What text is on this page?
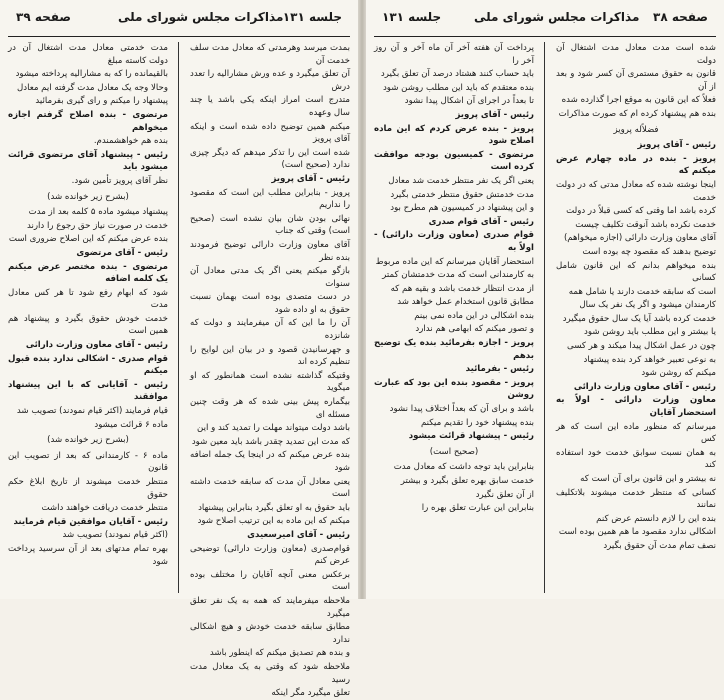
صفحه ۳۹	مذاکرات مجلس شورای ملی جلسه ۱۳۱

بمدت میرسد وهرمدتی که معادل مدت سلف خدمت آن

آن تعلق میگیرد و عده ورش مشارالیه را تعدد درش

متدرج است امراز اینکه یکی باشد یا چند سال وعهده

میکنم همین توضیح داده شده است و اینکه آقای پرویز

شده است این را تذکر میدهم که دیگر چیزی ندارد (صحیح است)

رئیس - آقای پرویز

پرویز - بنابراین مطلب این است که مقصود را نداریم

نهائی بودن شان بیان نشده است (صحیح است) وقتی که جناب

آقای معاون وزارت دارائی توضیح فرمودند بنده نظر

بازگو میکنم یعنی اگر یک مدتی معادل آن سنوات

در دست متصدی بوده است بهمان نسبت حقوق به او داده شود

آن را ما این که آن میفرمایند و دولت که شانزده

و جهرسانیدن قصود و در بیان این لوایح را تنظیم کرده اند

وقتیکه گذاشته نشده است همانطور که او میگوید

بیگماره پیش بینی شده که هر وقت چنین مسئله ای

باشد دولت میتواند مهلت را تمدید کند و این

که مدت این تمدید چقدر باشد باید معین شود

بنده عرض میکنم که در اینجا یک جمله اضافه شود

یعنی معادل آن مدت که سابقه خدمت داشته است

باید حقوق به او تعلق بگیرد بنابراین پیشنهاد

میکنم که این ماده به این ترتیب اصلاح شود

رئیس - آقای امیرسعیدی

قوام‌صدری (معاون وزارت دارائی) توضیحی عرض کنم

برعکس معنی آنچه آقایان را مختلف بوده است

ملاحظه میفرمایند که همه به یک نفر تعلق میگیرد

مطابق سابقه خدمت خودش و هیچ اشکالی ندارد

و بنده هم تصدیق میکنم که اینطور باشد

ملاحظه شود که وقتی به یک معادل مدت رسید

تعلق میگیرد مگر اینکه

مدت خدمتی معادل مدت اشتغال آن در دولت کاسته مبلغ

بالقیمانده را که به مشارالیه پرداخته میشود

وحالا وجه یک معادل مدت گرفته ایم معادل

پیشنهاد را میکنم و رای گیری بفرمائید

مرتضوی - بنده اصلاح گرفتم اجازه میخواهم

بنده هم خواهشمندم.

رئیس - پیشنهاد آقای مرتضوی قرائت میشود باید

نظر آقای پرویز تأمین شود.

(بشرح زیر خوانده شد)

پیشنهاد میشود ماده ۵ کلمه بعد از مدت

خدمت در صورت نیاز حق رجوع را دارند

بنده عرض میکنم که این اصلاح ضروری است

رئیس - آقای مرتضوی

مرتضوی - بنده مختصر عرض میکنم یک کلمه اضافه

شود که ابهام رفع شود تا هر کس معادل مدت

خدمت خودش حقوق بگیرد و پیشنهاد هم همین است

رئیس - آقای معاون وزارت دارائی

قوام صدری - اشکالی ندارد بنده قبول میکنم

رئیس - آقایانی که با این پیشنهاد موافقند

قیام فرمایند (اکثر قیام نمودند) تصویب شد

ماده ۶ قرائت میشود

(بشرح زیر خوانده شد)

ماده ۶ - کارمندانی که بعد از تصویب این قانون

منتظر خدمت میشوند از تاریخ ابلاغ حکم حقوق

منتظر خدمت دریافت خواهند داشت

رئیس - آقایان موافقین قیام فرمایند

(اکثر قیام نمودند) تصویب شد

بهره تمام مدتهای بعد از آن سرسید پرداخت شود

جلسه ۱۳۱	مذاکرات مجلس شورای ملی صفحه ۳۸

شده است مدت معادل مدت اشتغال آن دولت

قانون به حقوق مستمری آن کسر شود و بعد از آن

فعلاً که این قانون به موقع اجرا گذارده شده

بنده هم پیشنهاد کرده ام که صورت مذاکرات

فضلاًله پرویز

رئیس - آقای پرویز

پرویز - بنده در ماده چهارم عرض میکنم که

اینجا نوشته شده که معادل مدتی که در دولت خدمت

کرده باشد اما وقتی که کسی قبلاً در دولت

خدمت نکرده باشد آنوقت تکلیف چیست

آقای معاون وزارت دارائی (اجازه میخواهم)

توضیح بدهند که مقصود چه بوده است

بنده میخواهم بدانم که این قانون شامل کسانی

است که سابقه خدمت دارند یا شامل همه

کارمندان میشود و اگر یک نفر یک سال

خدمت کرده باشد آیا یک سال حقوق میگیرد

یا بیشتر و این مطلب باید روشن شود

چون در عمل اشکال پیدا میکند و هر کسی

به نوعی تعبیر خواهد کرد بنده پیشنهاد

میکنم که روشن شود

رئیس - آقای معاون وزارت دارائی

معاون وزارت دارائی - اولاً به استحضار آقایان

میرسانم که منظور ماده این است که هر کس

به همان نسبت سوابق خدمت خود استفاده کند

نه بیشتر و این قانون برای آن است که

کسانی که منتظر خدمت میشوند بلاتکلیف نمانند

بنده این را لازم دانستم عرض کنم

اشکالی ندارد مقصود ما هم همین بوده است

نصف تمام مدت آن حقوق بگیرد

پرداخت آن هفته آخر آن ماه آخر و آن روز آخر را

باید حساب کنند هشتاد درصد آن تعلق بگیرد

بنده معتقدم که باید این مطلب روشن شود

تا بعداً در اجرای آن اشکال پیدا نشود

رئیس - آقای پرویز

پرویز - بنده عرض کردم که این ماده اصلاح شود

مرتضوی - کمیسیون بودجه موافقت کرده است

یعنی اگر یک نفر منتظر خدمت شد معادل

مدت خدمتش حقوق منتظر خدمتی بگیرد

و این پیشنهاد در کمیسیون هم مطرح بود

رئیس - آقای قوام صدری

قوام صدری (معاون وزارت دارائی) - اولاً به

استحضار آقایان میرسانم که این ماده مربوط

به کارمندانی است که مدت خدمتشان کمتر

از مدت انتظار خدمت باشد و بقیه هم که

مطابق قانون استخدام عمل خواهد شد

بنده اشکالی در این ماده نمی بینم

و تصور میکنم که ابهامی هم ندارد

پرویز - اجازه بفرمائید بنده یک توضیح بدهم

رئیس - بفرمائید

پرویز - مقصود بنده این بود که عبارت روشن

باشد و برای آن که بعداً اختلاف پیدا نشود

بنده پیشنهاد خود را تقدیم میکنم

رئیس - پیشنهاد قرائت میشود

(صحیح است)

بنابراین باید توجه داشت که معادل مدت

خدمت سابق بهره تعلق بگیرد و بیشتر

از آن تعلق نگیرد

بنابراین این عبارت تعلق بهره را
